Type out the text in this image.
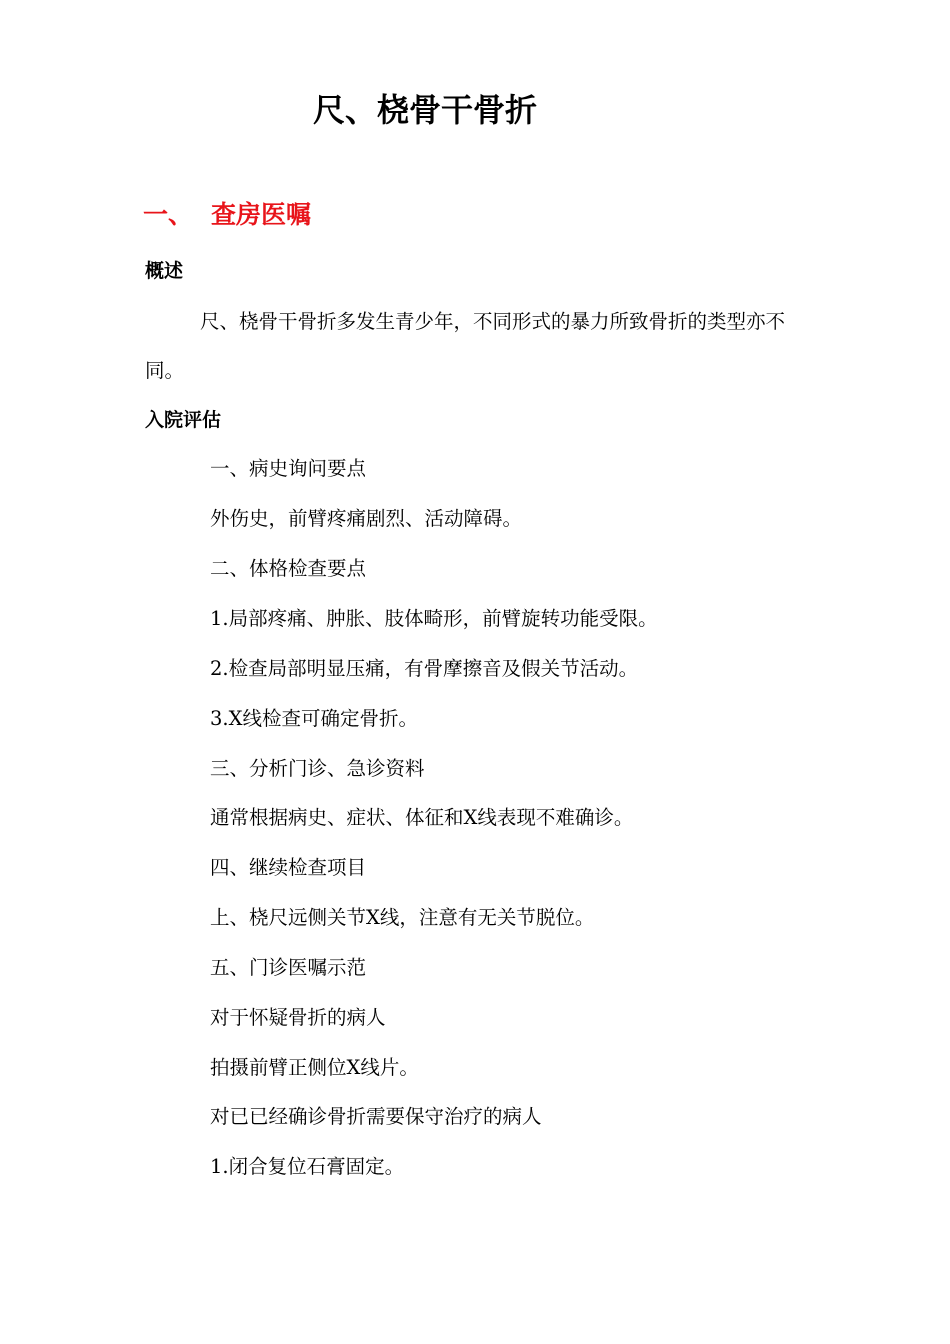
尺、桡骨干骨折
一、 查房医嘱
概述

尺、桡骨干骨折多发生青少年，不同形式的暴力所致骨折的类型亦不同。

入院评估

一、病史询问要点

外伤史，前臂疼痛剧烈、活动障碍。

二、体格检查要点

1.局部疼痛、肿胀、肢体畸形，前臂旋转功能受限。

2.检查局部明显压痛，有骨摩擦音及假关节活动。

3.X线检查可确定骨折。

三、分析门诊、急诊资料

通常根据病史、症状、体征和X线表现不难确诊。

四、继续检查项目

上、桡尺远侧关节X线，注意有无关节脱位。

五、门诊医嘱示范

对于怀疑骨折的病人

拍摄前臂正侧位X线片。

对已已经确诊骨折需要保守治疗的病人

1.闭合复位石膏固定。
